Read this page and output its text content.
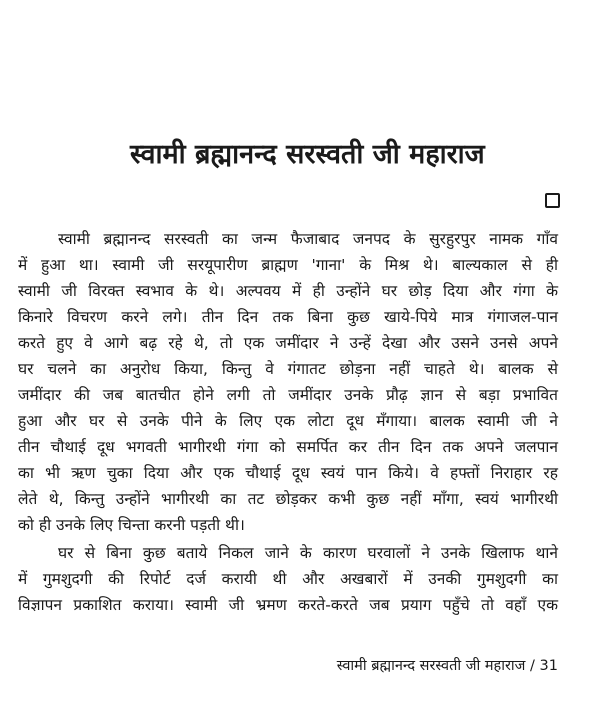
स्वामी ब्रह्मानन्द सरस्वती जी महाराज

स्वामी ब्रह्मानन्द सरस्वती का जन्म फैजाबाद जनपद के सुरहुरपुर नामक गाँव
में हुआ था। स्वामी जी सरयूपारीण ब्राह्मण 'गाना' के मिश्र थे। बाल्यकाल से ही
स्वामी जी विरक्त स्वभाव के थे। अल्पवय में ही उन्होंने घर छोड़ दिया और गंगा के
किनारे विचरण करने लगे। तीन दिन तक बिना कुछ खाये-पिये मात्र गंगाजल-पान
करते हुए वे आगे बढ़ रहे थे, तो एक जमींदार ने उन्हें देखा और उसने उनसे अपने
घर चलने का अनुरोध किया, किन्तु वे गंगातट छोड़ना नहीं चाहते थे। बालक से
जमींदार की जब बातचीत होने लगी तो जमींदार उनके प्रौढ़ ज्ञान से बड़ा प्रभावित
हुआ और घर से उनके पीने के लिए एक लोटा दूध मँगाया। बालक स्वामी जी ने
तीन चौथाई दूध भगवती भागीरथी गंगा को समर्पित कर तीन दिन तक अपने जलपान
का भी ऋण चुका दिया और एक चौथाई दूध स्वयं पान किये। वे हफ्तों निराहार रह
लेते थे, किन्तु उन्होंने भागीरथी का तट छोड़कर कभी कुछ नहीं माँगा, स्वयं भागीरथी
को ही उनके लिए चिन्ता करनी पड़ती थी।

घर से बिना कुछ बताये निकल जाने के कारण घरवालों ने उनके खिलाफ थाने
में गुमशुदगी की रिपोर्ट दर्ज करायी थी और अखबारों में उनकी गुमशुदगी का
विज्ञापन प्रकाशित कराया। स्वामी जी भ्रमण करते-करते जब प्रयाग पहुँचे तो वहाँ एक

स्वामी ब्रह्मानन्द सरस्वती जी महाराज / 31
